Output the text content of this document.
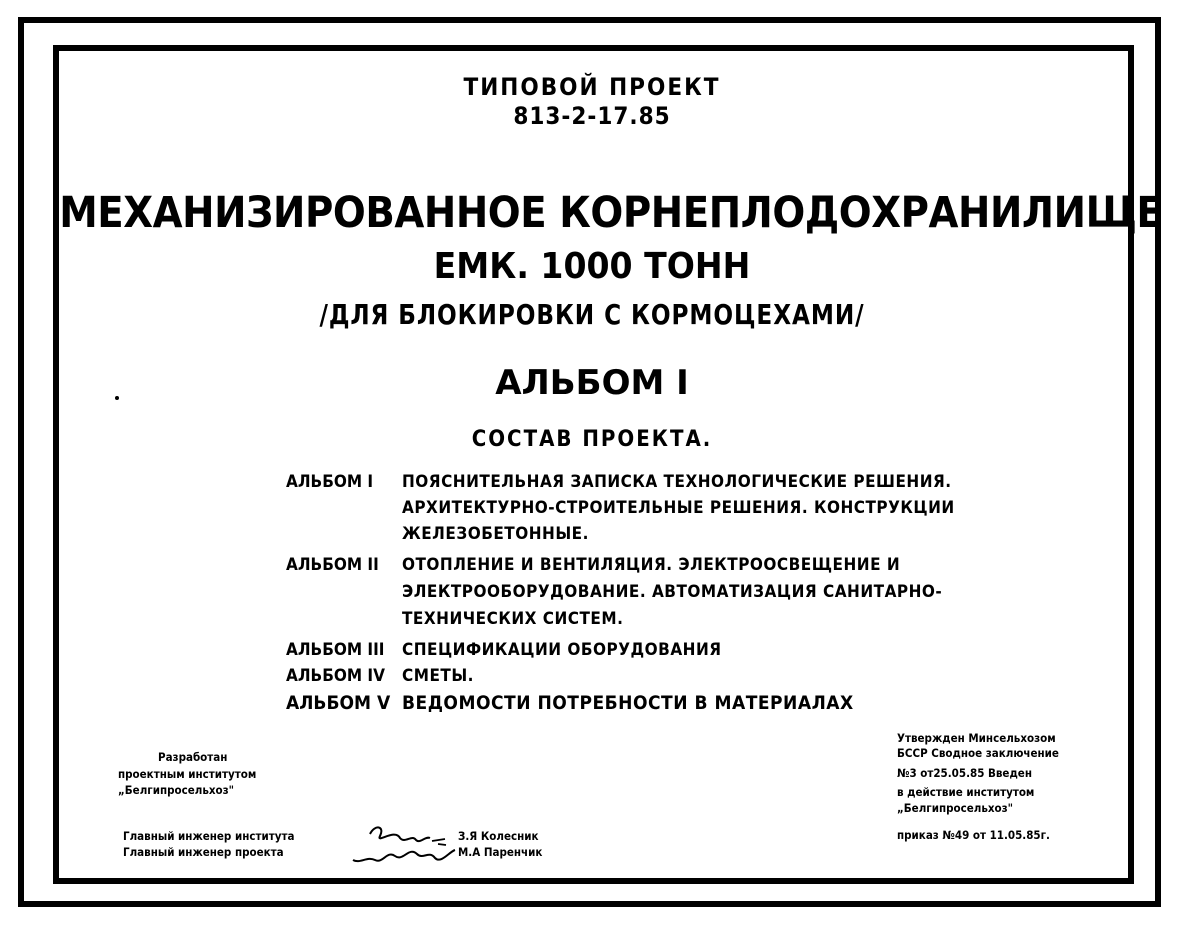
ТИПОВОЙ ПРОЕКТ
813-2-17.85
МЕХАНИЗИРОВАННОЕ КОРНЕПЛОДОХРАНИЛИЩЕ
ЕМК. 1000 ТОНН
/ДЛЯ БЛОКИРОВКИ С КОРМОЦЕХАМИ/
АЛЬБОМ I
СОСТАВ ПРОЕКТА.
АЛЬБОМ I ПОЯСНИТЕЛЬНАЯ ЗАПИСКА ТЕХНОЛОГИЧЕСКИЕ РЕШЕНИЯ.
АРХИТЕКТУРНО-СТРОИТЕЛЬНЫЕ РЕШЕНИЯ. КОНСТРУКЦИИ
ЖЕЛЕЗОБЕТОННЫЕ.
АЛЬБОМ II ОТОПЛЕНИЕ И ВЕНТИЛЯЦИЯ. ЭЛЕКТРООСВЕЩЕНИЕ И
ЭЛЕКТРООБОРУДОВАНИЕ. АВТОМАТИЗАЦИЯ САНИТАРНО-
ТЕХНИЧЕСКИХ СИСТЕМ.
АЛЬБОМ III СПЕЦИФИКАЦИИ ОБОРУДОВАНИЯ
АЛЬБОМ IV СМЕТЫ.
АЛЬБОМ V ВЕДОМОСТИ ПОТРЕБНОСТИ В МАТЕРИАЛАХ
Разработан
проектным институтом
„Белгипросельхоз"
Утвержден Минсельхозом
БССР Сводное заключение
№3 от25.05.85 Введен
в действие институтом
„Белгипросельхоз"
приказ №49 от 11.05.85г.
Главный инженер института
Главный инженер проекта
З.Я Колесник
М.А Паренчик
